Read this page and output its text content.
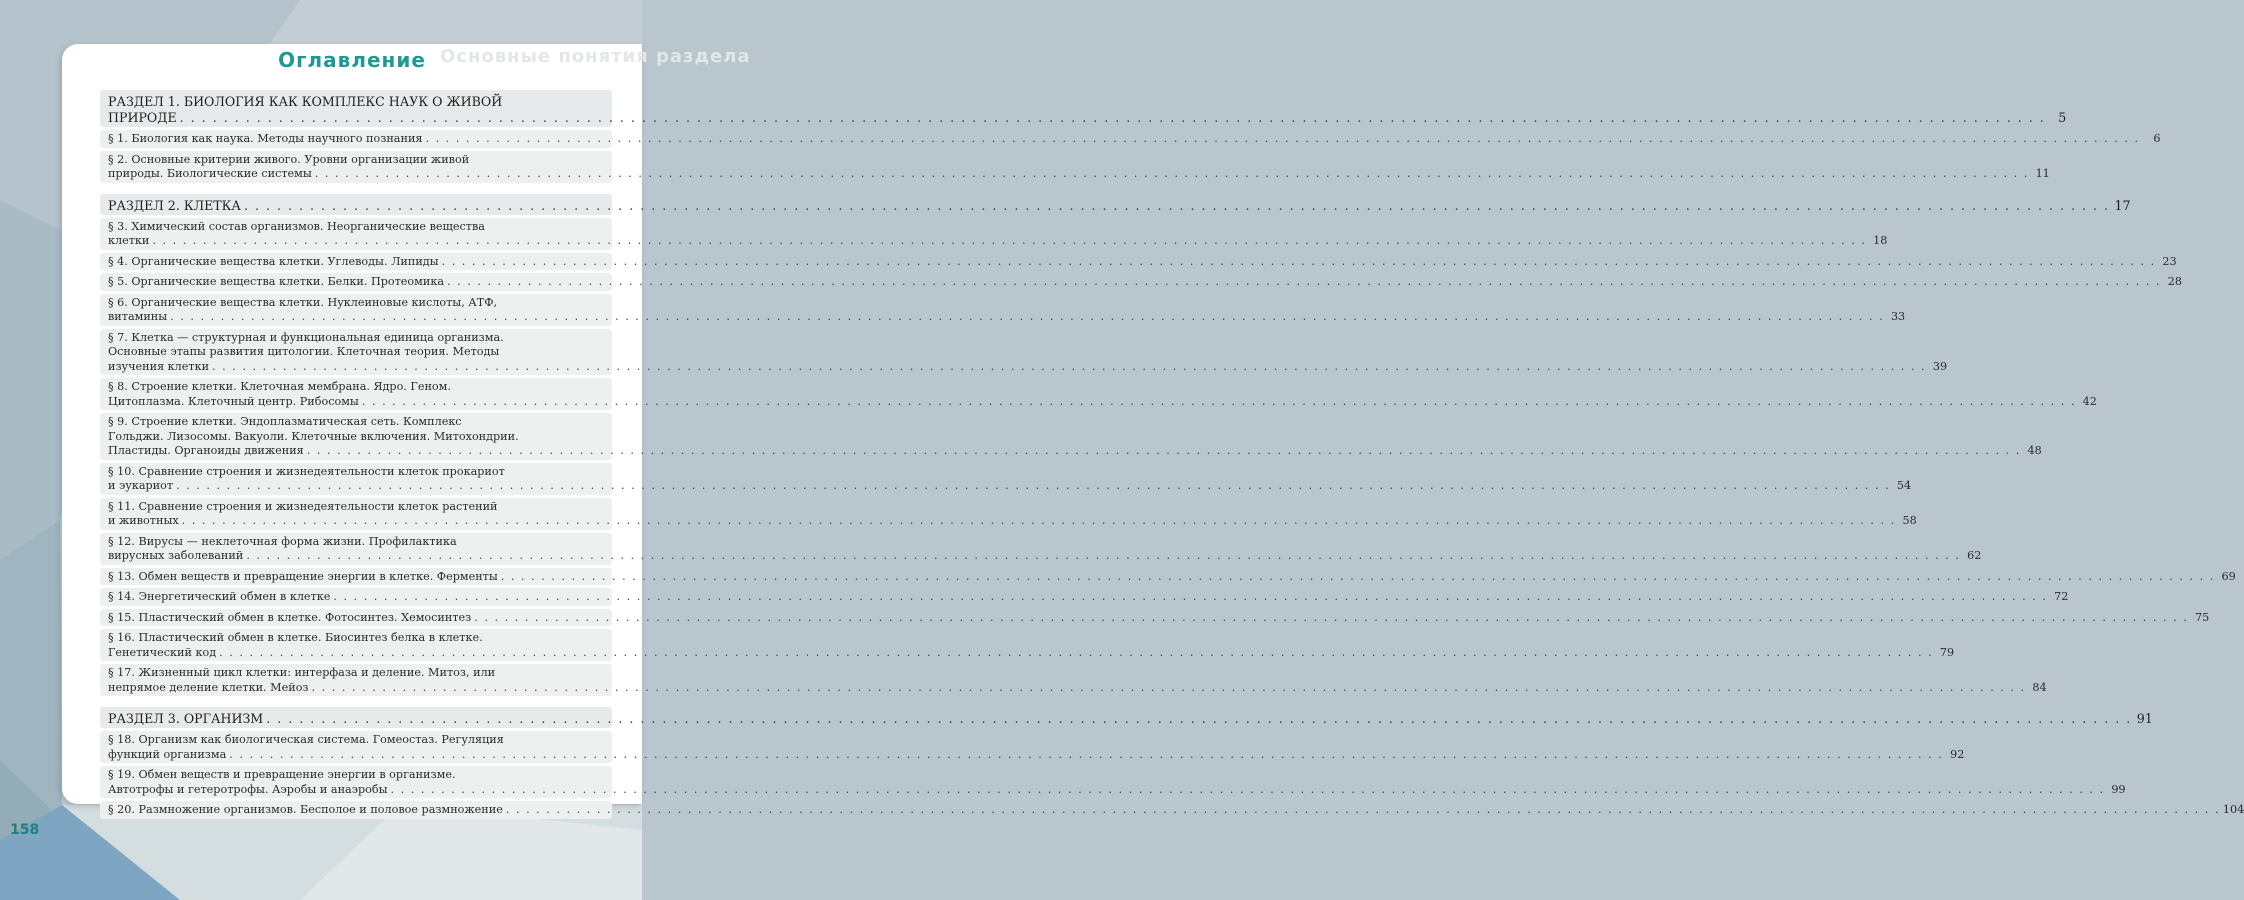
Основные понятия раздела
Оглавление
РАЗДЕЛ 1. БИОЛОГИЯ КАК КОМПЛЕКС НАУК О ЖИВОЙ
ПРИРОДЕ . . .	5
§ 1. Биология как наука. Методы научного познания . . .	6
§ 2. Основные критерии живого. Уровни организации живой
природы. Биологические системы . . .	11
РАЗДЕЛ 2. КЛЕТКА . . .	17
§ 3. Химический состав организмов. Неорганические вещества
клетки . . .	18
§ 4. Органические вещества клетки. Углеводы. Липиды . . .	23
§ 5. Органические вещества клетки. Белки. Протеомика . . .	28
§ 6. Органические вещества клетки. Нуклеиновые кислоты, АТФ,
витамины . . .	33
§ 7. Клетка — структурная и функциональная единица организма.
Основные этапы развития цитологии. Клеточная теория. Методы
изучения клетки . . .	39
§ 8. Строение клетки. Клеточная мембрана. Ядро. Геном.
Цитоплазма. Клеточный центр. Рибосомы . . .	42
§ 9. Строение клетки. Эндоплазматическая сеть. Комплекс
Гольджи. Лизосомы. Вакуоли. Клеточные включения. Митохондрии.
Пластиды. Органоиды движения . . .	48
§ 10. Сравнение строения и жизнедеятельности клеток прокариот
и эукариот . . .	54
§ 11. Сравнение строения и жизнедеятельности клеток растений
и животных . . .	58
§ 12. Вирусы — неклеточная форма жизни. Профилактика
вирусных заболеваний . . .	62
§ 13. Обмен веществ и превращение энергии в клетке. Ферменты . . .	69
§ 14. Энергетический обмен в клетке . . .	72
§ 15. Пластический обмен в клетке. Фотосинтез. Хемосинтез . . .	75
§ 16. Пластический обмен в клетке. Биосинтез белка в клетке.
Генетический код . . .	79
§ 17. Жизненный цикл клетки: интерфаза и деление. Митоз, или
непрямое деление клетки. Мейоз . . .	84
РАЗДЕЛ 3. ОРГАНИЗМ . . .	91
§ 18. Организм как биологическая система. Гомеостаз. Регуляция
функций организма . . .	92
§ 19. Обмен веществ и превращение энергии в организме.
Автотрофы и гетеротрофы. Аэробы и анаэробы . . .	99
§ 20. Размножение организмов. Бесполое и половое размножение . . .	104
158
